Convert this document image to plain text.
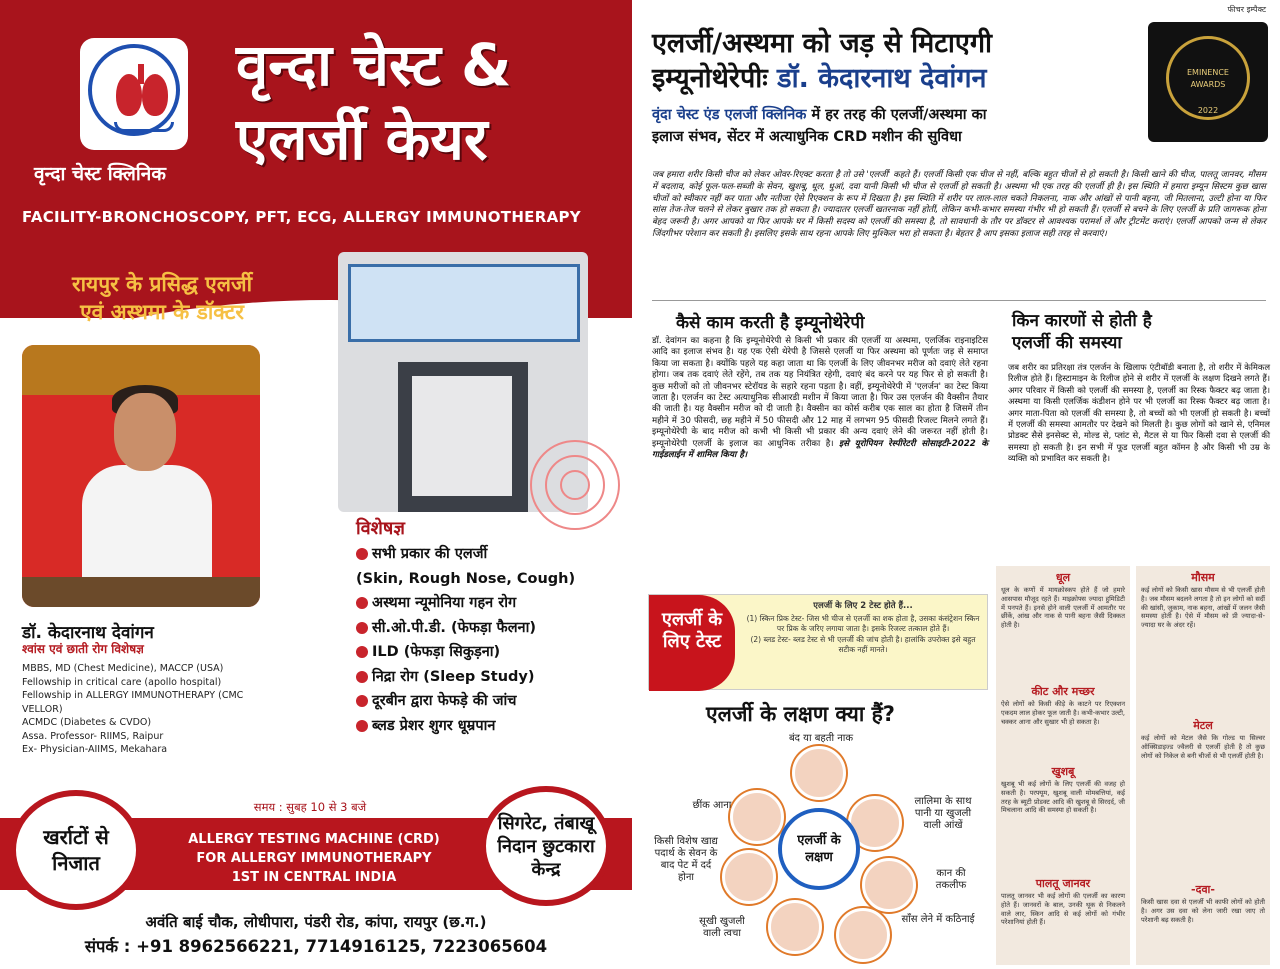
वृन्दा चेस्ट &
एलर्जी केयर
वृन्दा चेस्ट क्लिनिक
FACILITY-BRONCHOSCOPY, PFT, ECG, ALLERGY IMMUNOTHERAPY
रायपुर के प्रसिद्ध एलर्जी
एवं अस्थमा के डॉक्टर
डॉ. केदारनाथ देवांगन
श्वांस एवं छाती रोग विशेषज्ञ
MBBS, MD (Chest Medicine), MACCP (USA)
Fellowship in critical care (apollo hospital)
Fellowship in ALLERGY IMMUNOTHERAPY (CMC VELLOR)
ACMDC (Diabetes & CVDO)
Assa. Professor- RIIMS, Raipur
Ex- Physician-AIIMS, Mekahara
विशेषज्ञ
सभी प्रकार की एलर्जी
(Skin, Rough Nose, Cough)
अस्थमा न्यूमोनिया गहन रोग
सी.ओ.पी.डी. (फेफड़ा फैलना)
ILD (फेफड़ा सिकुड़ना)
निद्रा रोग (Sleep Study)
दूरबीन द्वारा फेफड़े की जांच
ब्लड प्रेशर शुगर धूम्रपान
समय : सुबह 10 से 3 बजे
ALLERGY TESTING MACHINE (CRD)
FOR ALLERGY IMMUNOTHERAPY
1ST IN CENTRAL INDIA
खर्राटों से निजात
सिगरेट, तंबाखू निदान छुटकारा केन्द्र
अवंति बाई चौक, लोधीपारा, पंडरी रोड, कांपा, रायपुर (छ.ग.)
संपर्क : +91 8962566221, 7714916125, 7223065604
फीचर इम्पैक्ट
एलर्जी/अस्थमा को जड़ से मिटाएगी
इम्यूनोथेरेपीः डॉ. केदारनाथ देवांगन	EMINENCE
AWARDS
2022
वृंदा चेस्ट एंड एलर्जी क्लिनिक में हर तरह की एलर्जी/अस्थमा का
इलाज संभव, सेंटर में अत्याधुनिक CRD मशीन की सुविधा
जब हमारा शरीर किसी चीज को लेकर ओवर-रिएक्ट करता है तो उसे 'एलर्जी' कहते हैं। एलर्जी किसी एक चीज से नहीं, बल्कि बहुत चीजों से हो सकती है। किसी खाने की चीज, पालतू जानवर, मौसम में बदलाव, कोई फूल-फल-सब्जी के सेवन, खुशबू, धूल, धुआं, दवा यानी किसी भी चीज से एलर्जी हो सकती है। अस्थमा भी एक तरह की एलर्जी ही है। इस स्थिति में हमारा इम्यून सिस्टम कुछ खास चीजों को स्वीकार नहीं कर पाता और नतीजा ऐसे रिएक्शन के रूप में दिखता है। इस स्थिति में शरीर पर लाल-लाल चकते निकलना, नाक और आंखों से पानी बहना, जी मितलाना, उल्टी होना या फिर सांस तेज-तेज चलने से लेकर बुखार तक हो सकता है। ज्यादातर एलर्जी खतरनाक नहीं होतीं, लेकिन कभी-कभार समस्या गंभीर भी हो सकती हैं। एलर्जी से बचने के लिए एलर्जी के प्रति जागरूक होना बेहद जरूरी है। अगर आपको या फिर आपके घर में किसी सदस्य को एलर्जी की समस्या है, तो सावधानी के तौर पर डॉक्टर से आवश्यक परामर्श लें और ट्रीटमेंट कराएं। एलर्जी आपको जन्म से लेकर जिंदगीभर परेशान कर सकती है। इसलिए इसके साथ रहना आपके लिए मुश्किल भरा हो सकता है। बेहतर है आप इसका इलाज सही तरह से करवाएं।
कैसे काम करती है इम्यूनोथेरेपी	किन कारणों से होती है
एलर्जी की समस्या
डॉ. देवांगन का कहना है कि इम्यूनोथेरेपी से किसी भी प्रकार की एलर्जी या अस्थमा, एलर्जिक राइनाइटिस आदि का इलाज संभव है। यह एक ऐसी थेरेपी है जिससे एलर्जी या फिर अस्थमा को पूर्णतः जड़ से समाप्त किया जा सकता है। क्योंकि पहले यह कहा जाता था कि एलर्जी के लिए जीवनभर मरीज को दवाएं लेते रहना होगा। जब तक दवाएं लेते रहेंगे, तब तक यह नियंत्रित रहेगी, दवाएं बंद करने पर यह फिर से हो सकती है। कुछ मरीजों को तो जीवनभर स्टेरॉयड के सहारे रहना पड़ता है। वहीं, इम्यूनोथेरेपी में 'एलर्जन' का टेस्ट किया जाता है। एलर्जन का टेस्ट अत्याधुनिक सीआरडी मशीन में किया जाता है। फिर उस एलर्जन की वैक्सीन तैयार की जाती है। यह वैक्सीन मरीज को दी जाती है। वैक्सीन का कोर्स करीब एक साल का होता है जिसमें तीन महीने में 30 फीसदी, छह महीने में 50 फीसदी और 12 माह में लगभग 95 फीसदी रिजल्ट मिलने लगते हैं। इम्यूनोथेरेपी के बाद मरीज को कभी भी किसी भी प्रकार की अन्य दवाएं लेने की जरूरत नहीं होती है। इम्यूनोथेरेपी एलर्जी के इलाज का आधुनिक तरीका है। इसे यूरोपियन रेस्पीरेटरी सोसाइटी-2022 के गाईडलाईन में शामिल किया है।
जब शरीर का प्रतिरक्षा तंत्र एलर्जन के खिलाफ एंटीबॉडी बनाता है, तो शरीर में केमिकल रिलीज होते हैं। हिस्टामाइन के रिलीज होने से शरीर में एलर्जी के लक्षण दिखने लगते हैं। अगर परिवार में किसी को एलर्जी की समस्या है, एलर्जी का रिस्क फैक्टर बढ़ जाता है। अस्थमा या किसी एलर्जिक कंडीशन होने पर भी एलर्जी का रिस्क फैक्टर बढ़ जाता है। अगर माता-पिता को एलर्जी की समस्या है, तो बच्चों को भी एलर्जी हो सकती है। बच्चों में एलर्जी की समस्या आमतौर पर देखने को मिलती है। कुछ लोगों को खाने से, एनिमल प्रोडक्ट सैसे इनसेक्ट से, मोल्ड से, प्लांट से, मैटल से या फिर किसी दवा से एलर्जी की समस्या हो सकती है। इन सभी में फूड एलर्जी बहुत कॉमन है और किसी भी उम्र के व्यक्ति को प्रभावित कर सकती है।
एलर्जी के लिए टेस्ट
एलर्जी के लिए 2 टेस्ट होते हैं...
(1) स्किन प्रिक टेस्ट- जिस भी चीज से एलर्जी का शक होता है, उसका कंसंट्रेशन स्किन पर प्रिक के जरिए लगाया जाता है। इसके रिजल्ट तत्काल होते हैं।
(2) ब्लड टेस्ट- ब्लड टेस्ट से भी एलर्जी की जांच होती है। हालांकि उपरोक्त इसे बहुत सटीक नहीं मानते।
एलर्जी के लक्षण क्या हैं?
एलर्जी के लक्षण
बंद या बहती नाक
छींक आना	लालिमा के साथ पानी या खुजली वाली आंखें
किसी विशेष खाद्य पदार्थ के सेवन के बाद पेट में दर्द होना	कान की तकलीफ
सूखी खुजली वाली त्वचा
साँस लेने में कठिनाई
धूल
धूल के कणों में मायक्रोस्कप होते हैं जो हमारे आसपास मौजूद रहते हैं। माइक्रोफ्स ज्यादा हुमिडिटी में पनपते हैं। इनसे होने वाली एलर्जी में आमतौर पर छींकें, आंख और नाक से पानी बहना जैसी दिक्कत होती है।
कीट और मच्छर
ऐसे लोगों को किसी कीड़े के काटने पर रिएक्शन एकदम लाल होकर फूल जाती है। कभी-कभार उल्टी, चक्कर आना और सुखार भी हो सकता है।
खुशबू
खुशबू भी कई लोगों के लिए एलर्जी की वजह हो सकती है। परफ्यूम, खुशबू वाली मोमबत्तियां, कई तरह के ब्यूटी प्रोडक्ट आदि की खुशबू से सिरदर्द, जी मिचलाना आदि की समस्या हो सकती है।
पालतू जानवर
पालतू जानवर भी कई लोगों की एलर्जी का कारण होते हैं। जानवरों के बाल, उनकी थूक से निकलने वाले लार, स्किन आदि से कई लोगों को गंभीर परेशानियां होती हैं।
मौसम
कई लोगों को किसी खास मौसम से भी एलर्जी होती है। जब मौसम बदलने लगता है तो इन लोगों को सर्दी की खांसी, जुकाम, नाक बहना, आंखों में जलन जैसी समस्या होती है। ऐसे में मौसम को प्री ज्यादा-से-ज्यादा घर के अंदर रहें।
मेटल
कई लोगों को मेटल जैसे कि गोल्ड या सिल्वर ऑक्सिडाइज्ड ज्वैलरी से एलर्जी होती है तो कुछ लोगों को निकेल से बनी चीजों से भी एलर्जी होती है।
-दवा-
किसी खास दवा से एलर्जी भी काफी लोगों को होती है। अगर उस दवा को लेना जारी रखा जाए तो परेशानी बढ़ सकती है।
